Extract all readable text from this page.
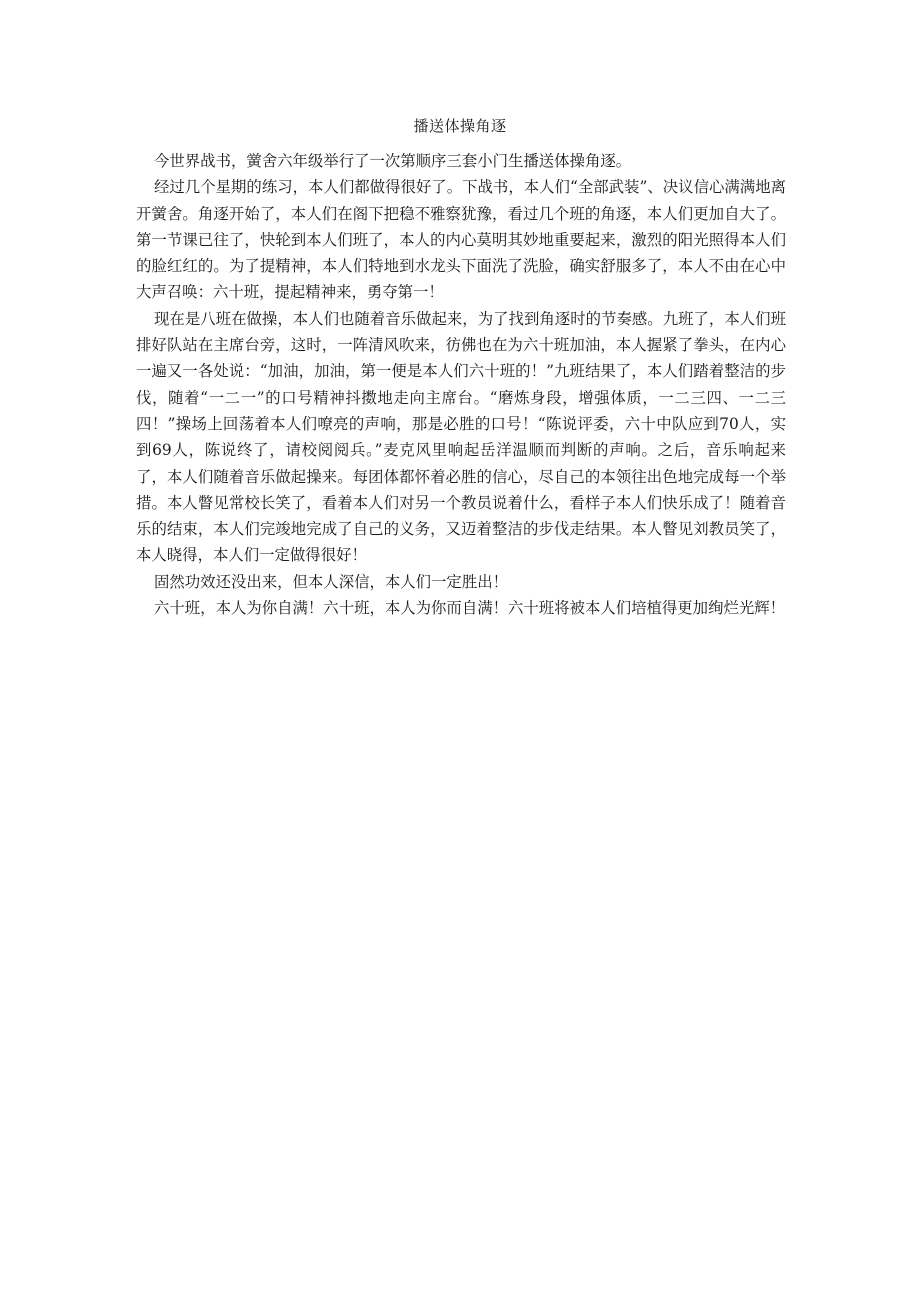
播送体操角逐

今世界战书，黉舍六年级举行了一次第顺序三套小门生播送体操角逐。

经过几个星期的练习，本人们都做得很好了。下战书，本人们“全部武装”、决议信心满满地离开黉舍。角逐开始了，本人们在阁下把稳不雅察犹豫，看过几个班的角逐，本人们更加自大了。第一节课已往了，快轮到本人们班了，本人的内心莫明其妙地重要起来，激烈的阳光照得本人们的脸红红的。为了提精神，本人们特地到水龙头下面洗了洗脸，确实舒服多了，本人不由在心中大声召唤：六十班，提起精神来，勇夺第一！

现在是八班在做操，本人们也随着音乐做起来，为了找到角逐时的节奏感。九班了，本人们班排好队站在主席台旁，这时，一阵清风吹来，彷佛也在为六十班加油，本人握紧了拳头，在内心一遍又一各处说：“加油，加油，第一便是本人们六十班的！”九班结果了，本人们踏着整洁的步伐，随着“一二一”的口号精神抖擞地走向主席台。“磨炼身段，增强体质，一二三四、一二三四！”操场上回荡着本人们嘹亮的声响，那是必胜的口号！“陈说评委，六十中队应到70人，实到69人，陈说终了，请校阅阅兵。”麦克风里响起岳洋温顺而判断的声响。之后，音乐响起来了，本人们随着音乐做起操来。每团体都怀着必胜的信心，尽自己的本领往出色地完成每一个举措。本人瞥见常校长笑了，看着本人们对另一个教员说着什么，看样子本人们快乐成了！随着音乐的结束，本人们完竣地完成了自己的义务，又迈着整洁的步伐走结果。本人瞥见刘教员笑了，本人晓得，本人们一定做得很好！

固然功效还没出来，但本人深信，本人们一定胜出！

六十班，本人为你自满！六十班，本人为你而自满！六十班将被本人们培植得更加绚烂光辉！
